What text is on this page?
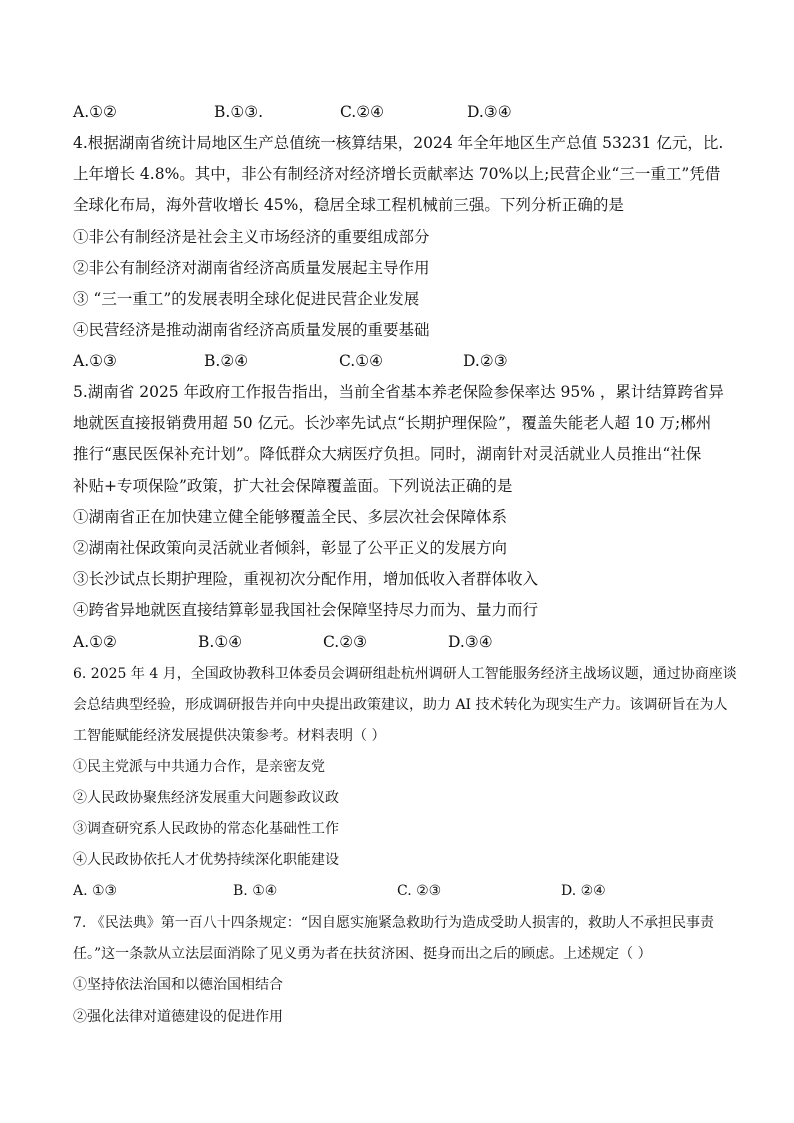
A.①②	B.①③.	C.②④	D.③④
4.根据湖南省统计局地区生产总值统一核算结果，2024 年全年地区生产总值 53231 亿元，比.
上年增长 4.8%。其中，非公有制经济对经济增长贡献率达 70%以上;民营企业“三一重工”凭借
全球化布局，海外营收增长 45%，稳居全球工程机械前三强。下列分析正确的是
①非公有制经济是社会主义市场经济的重要组成部分
②非公有制经济对湖南省经济高质量发展起主导作用
③ “三一重工”的发展表明全球化促进民营企业发展
④民营经济是推动湖南省经济高质量发展的重要基础
A.①③	B.②④	C.①④	D.②③
5.湖南省 2025 年政府工作报告指出，当前全省基本养老保险参保率达 95% ，累计结算跨省异
地就医直接报销费用超 50 亿元。长沙率先试点“长期护理保险”，覆盖失能老人超 10 万;郴州
推行“惠民医保补充计划”。降低群众大病医疗负担。同时，湖南针对灵活就业人员推出“社保
补贴+专项保险”政策，扩大社会保障覆盖面。下列说法正确的是
①湖南省正在加快建立健全能够覆盖全民、多层次社会保障体系
②湖南社保政策向灵活就业者倾斜，彰显了公平正义的发展方向
③长沙试点长期护理险，重视初次分配作用，增加低收入者群体收入
④跨省异地就医直接结算彰显我国社会保障坚持尽力而为、量力而行
A.①②	B.①④	C.②③	D.③④
6. 2025 年 4 月，全国政协教科卫体委员会调研组赴杭州调研人工智能服务经济主战场议题，通过协商座谈
会总结典型经验，形成调研报告并向中央提出政策建议，助力 AI 技术转化为现实生产力。该调研旨在为人
工智能赋能经济发展提供决策参考。材料表明（ ）
①民主党派与中共通力合作，是亲密友党
②人民政协聚焦经济发展重大问题参政议政
③调查研究系人民政协的常态化基础性工作
④人民政协依托人才优势持续深化职能建设
A. ①③	B. ①④	C. ②③	D. ②④
7. 《民法典》第一百八十四条规定：“因自愿实施紧急救助行为造成受助人损害的，救助人不承担民事责
任。”这一条款从立法层面消除了见义勇为者在扶贫济困、挺身而出之后的顾虑。上述规定（ ）
①坚持依法治国和以德治国相结合
②强化法律对道德建设的促进作用
